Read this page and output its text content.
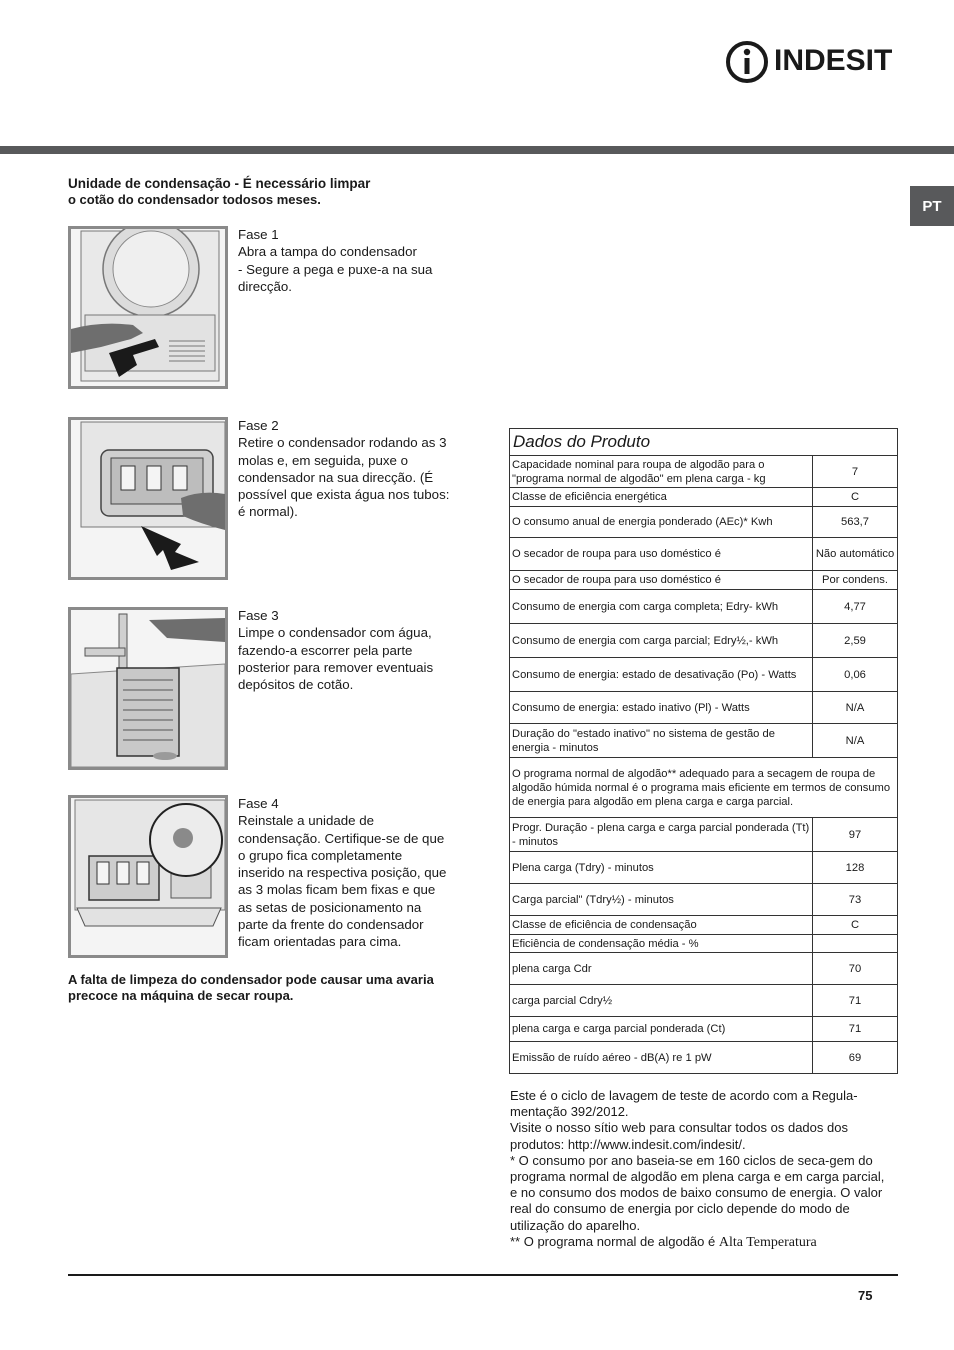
INDESIT
PT
Unidade de condensação - É necessário limpar
o cotão do condensador todosos meses.
Fase 1
Abra a tampa do condensador
- Segure a pega e puxe-a na sua direcção.
Fase 2
Retire o condensador rodando as 3 molas e, em seguida, puxe o condensador na sua direcção. (É possível que exista água nos tubos: é normal).
Fase 3
Limpe o condensador com água, fazendo-a escorrer pela parte posterior para remover eventuais depósitos de cotão.
Fase 4
Reinstale a unidade de condensação. Certifique-se de que o grupo fica completamente inserido na respectiva posição, que as 3 molas ficam bem fixas e que as setas de posicionamento na parte da frente do condensador ficam orientadas para cima.
A falta de limpeza do condensador pode causar uma avaria precoce na máquina de secar roupa.
Dados do Produto	
Capacidade nominal para roupa de algodão para o "programa normal de algodão" em plena carga - kg	7
Classe de eficiência energética	C
O consumo anual de energia ponderado (AEc)* Kwh	563,7
O secador de roupa para uso doméstico é	Não automático
O secador de roupa para uso doméstico é	Por condens.
Consumo de energia com carga completa; Edry- kWh	4,77
Consumo de energia com carga parcial; Edry½,- kWh	2,59
Consumo de energia: estado de desativação (Po) - Watts	0,06
Consumo de energia: estado inativo (Pl) - Watts	N/A
Duração do "estado inativo" no sistema de gestão de energia - minutos	N/A
O programa normal de algodão** adequado para a secagem de roupa de algodão húmida normal é o programa mais eficiente em termos de consumo de energia para algodão em plena carga e carga parcial.	
Progr. Duração - plena carga e carga parcial ponderada (Tt) - minutos	97
Plena carga (Tdry) - minutos	128
Carga parcial" (Tdry½) - minutos	73
Classe de eficiência de condensação	C
Eficiência de condensação média - %	
plena carga Cdr	70
carga parcial Cdry½	71
plena carga e carga parcial ponderada (Ct)	71
Emissão de ruído aéreo - dB(A) re 1 pW	69
Este é o ciclo de lavagem de teste de acordo com a Regula-mentação 392/2012.
Visite o nosso sítio web para consultar todos os dados dos produtos: http://www.indesit.com/indesit/.
* O consumo por ano baseia-se em 160 ciclos de seca-gem do programa normal de algodão em plena carga e em carga parcial, e no consumo dos modos de baixo consumo de energia. O valor real do consumo de energia por ciclo depende do modo de utilização do aparelho.
** O programa normal de algodão é Alta Temperatura
75
